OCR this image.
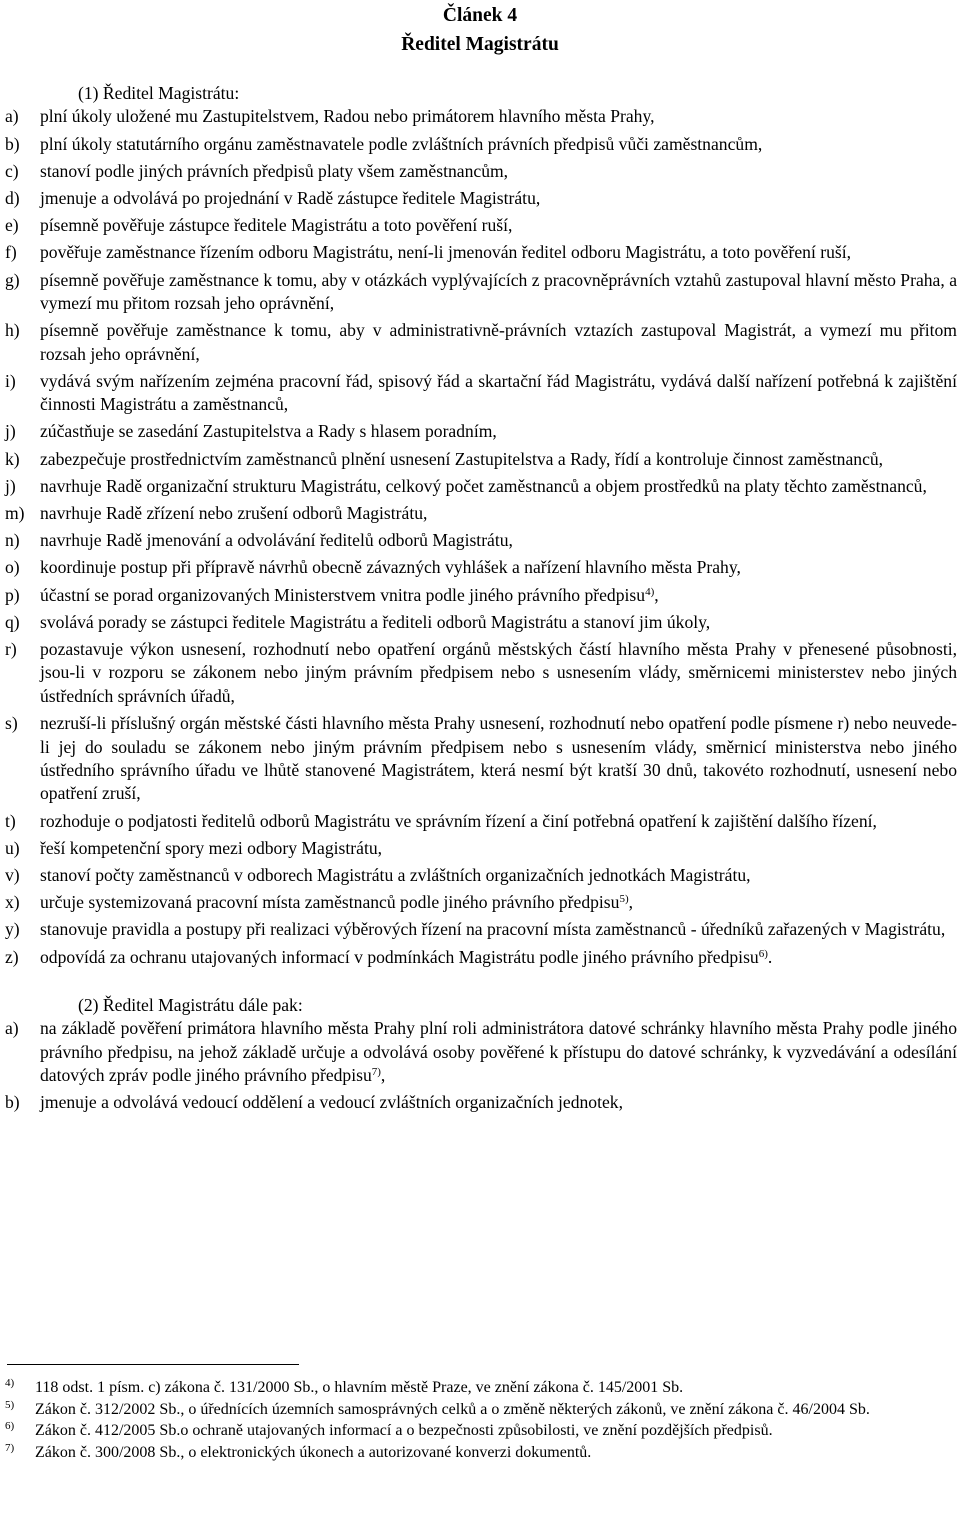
Článek 4
Ředitel Magistrátu

(1) Ředitel Magistrátu:

a) plní úkoly uložené mu Zastupitelstvem, Radou nebo primátorem hlavního města Prahy,
b) plní úkoly statutárního orgánu zaměstnavatele podle zvláštních právních předpisů vůči zaměstnancům,
c) stanoví podle jiných právních předpisů platy všem zaměstnancům,
d) jmenuje a odvolává po projednání v Radě zástupce ředitele Magistrátu,
e) písemně pověřuje zástupce ředitele Magistrátu a toto pověření ruší,
f) pověřuje zaměstnance řízením odboru Magistrátu, není-li jmenován ředitel odboru Magistrátu, a toto pověření ruší,
g) písemně pověřuje zaměstnance k tomu, aby v otázkách vyplývajících z pracovněprávních vztahů zastupoval hlavní město Praha, a vymezí mu přitom rozsah jeho oprávnění,
h) písemně pověřuje zaměstnance k tomu, aby v administrativně-právních vztazích zastupoval Magistrát, a vymezí mu přitom rozsah jeho oprávnění,
i) vydává svým nařízením zejména pracovní řád, spisový řád a skartační řád Magistrátu, vydává další nařízení potřebná k zajištění činnosti Magistrátu a zaměstnanců,
j) zúčastňuje se zasedání Zastupitelstva a Rady s hlasem poradním,
k) zabezpečuje prostřednictvím zaměstnanců plnění usnesení Zastupitelstva a Rady, řídí a kontroluje činnost zaměstnanců,
j) navrhuje Radě organizační strukturu Magistrátu, celkový počet zaměstnanců a objem prostředků na platy těchto zaměstnanců,
m) navrhuje Radě zřízení nebo zrušení odborů Magistrátu,
n) navrhuje Radě jmenování a odvolávání ředitelů odborů Magistrátu,
o) koordinuje postup při přípravě návrhů obecně závazných vyhlášek a nařízení hlavního města Prahy,
p) účastní se porad organizovaných Ministerstvem vnitra podle jiného právního předpisu$^{4)}$,
q) svolává porady se zástupci ředitele Magistrátu a řediteli odborů Magistrátu a stanoví jim úkoly,
r) pozastavuje výkon usnesení, rozhodnutí nebo opatření orgánů městských částí hlavního města Prahy v přenesené působnosti, jsou-li v rozporu se zákonem nebo jiným právním předpisem nebo s usnesením vlády, směrnicemi ministerstev nebo jiných ústředních správních úřadů,
s) nezruší-li příslušný orgán městské části hlavního města Prahy usnesení, rozhodnutí nebo opatření podle písmene r) nebo neuvede-li jej do souladu se zákonem nebo jiným právním předpisem nebo s usnesením vlády, směrnicí ministerstva nebo jiného ústředního správního úřadu ve lhůtě stanovené Magistrátem, která nesmí být kratší 30 dnů, takovéto rozhodnutí, usnesení nebo opatření zruší,
t) rozhoduje o podjatosti ředitelů odborů Magistrátu ve správním řízení a činí potřebná opatření k zajištění dalšího řízení,
u) řeší kompetenční spory mezi odbory Magistrátu,
v) stanoví počty zaměstnanců v odborech Magistrátu a zvláštních organizačních jednotkách Magistrátu,
x) určuje systemizovaná pracovní místa zaměstnanců podle jiného právního předpisu$^{5)}$,
y) stanovuje pravidla a postupy při realizaci výběrových řízení na pracovní místa zaměstnanců - úředníků zařazených v Magistrátu,
z) odpovídá za ochranu utajovaných informací v podmínkách Magistrátu podle jiného právního předpisu$^{6)}$.

(2) Ředitel Magistrátu dále pak:

a) na základě pověření primátora hlavního města Prahy plní roli administrátora datové schránky hlavního města Prahy podle jiného právního předpisu, na jehož základě určuje a odvolává osoby pověřené k přístupu do datové schránky, k vyzvedávání a odesílání datových zpráv podle jiného právního předpisu$^{7)}$,
b) jmenuje a odvolává vedoucí oddělení a vedoucí zvláštních organizačních jednotek,
4) 118 odst. 1 písm. c) zákona č. 131/2000 Sb., o hlavním městě Praze, ve znění zákona č. 145/2001 Sb.
5) Zákon č. 312/2002 Sb., o úřednících územních samosprávných celků a o změně některých zákonů, ve znění zákona č. 46/2004 Sb.
6) Zákon č. 412/2005 Sb.o ochraně utajovaných informací a o bezpečnosti způsobilosti, ve znění pozdějších předpisů.
7) Zákon č. 300/2008 Sb., o elektronických úkonech a autorizované konverzi dokumentů.
